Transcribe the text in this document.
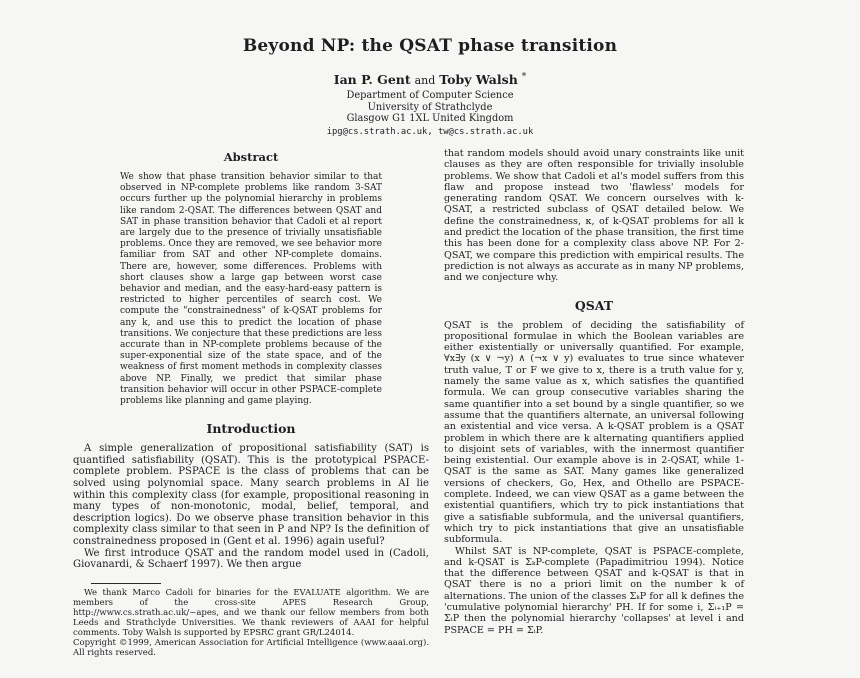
Beyond NP: the QSAT phase transition
Ian P. Gent and Toby Walsh *
Department of Computer Science
University of Strathclyde
Glasgow G1 1XL United Kingdom
ipg@cs.strath.ac.uk, tw@cs.strath.ac.uk
Abstract

We show that phase transition behavior similar to that observed in NP-complete problems like random 3-SAT occurs further up the polynomial hierarchy in problems like random 2-QSAT. The differences between QSAT and SAT in phase transition behavior that Cadoli et al report are largely due to the presence of trivially unsatisfiable problems. Once they are removed, we see behavior more familiar from SAT and other NP-complete domains. There are, however, some differences. Problems with short clauses show a large gap between worst case behavior and median, and the easy-hard-easy pattern is restricted to higher percentiles of search cost. We compute the "constrainedness" of k-QSAT problems for any k, and use this to predict the location of phase transitions. We conjecture that these predictions are less accurate than in NP-complete problems because of the super-exponential size of the state space, and of the weakness of first moment methods in complexity classes above NP. Finally, we predict that similar phase transition behavior will occur in other PSPACE-complete problems like planning and game playing.

Introduction

A simple generalization of propositional satisfiability (SAT) is quantified satisfiability (QSAT). This is the prototypical PSPACE-complete problem. PSPACE is the class of problems that can be solved using polynomial space. Many search problems in AI lie within this complexity class (for example, propositional reasoning in many types of non-monotonic, modal, belief, temporal, and description logics). Do we observe phase transition behavior in this complexity class similar to that seen in P and NP? Is the definition of constrainedness proposed in (Gent et al. 1996) again useful?

We first introduce QSAT and the random model used in (Cadoli, Giovanardi, & Schaerf 1997). We then argue

We thank Marco Cadoli for binaries for the EVALUATE algorithm. We are members of the cross-site APES Research Group, http://www.cs.strath.ac.uk/~apes, and we thank our fellow members from both Leeds and Strathclyde Universities. We thank reviewers of AAAI for helpful comments. Toby Walsh is supported by EPSRC grant GR/L24014.

Copyright ©1999, American Association for Artificial Intelligence (www.aaai.org). All rights reserved.

that random models should avoid unary constraints like unit clauses as they are often responsible for trivially insoluble problems. We show that Cadoli et al's model suffers from this flaw and propose instead two 'flawless' models for generating random QSAT. We concern ourselves with k-QSAT, a restricted subclass of QSAT detailed below. We define the constrainedness, κ, of k-QSAT problems for all k and predict the location of the phase transition, the first time this has been done for a complexity class above NP. For 2-QSAT, we compare this prediction with empirical results. The prediction is not always as accurate as in many NP problems, and we conjecture why.

QSAT

QSAT is the problem of deciding the satisfiability of propositional formulae in which the Boolean variables are either existentially or universally quantified. For example, ∀x∃y (x ∨ ¬y) ∧ (¬x ∨ y) evaluates to true since whatever truth value, T or F we give to x, there is a truth value for y, namely the same value as x, which satisfies the quantified formula. We can group consecutive variables sharing the same quantifier into a set bound by a single quantifier, so we assume that the quantifiers alternate, an universal following an existential and vice versa. A k-QSAT problem is a QSAT problem in which there are k alternating quantifiers applied to disjoint sets of variables, with the innermost quantifier being existential. Our example above is in 2-QSAT, while 1-QSAT is the same as SAT. Many games like generalized versions of checkers, Go, Hex, and Othello are PSPACE-complete. Indeed, we can view QSAT as a game between the existential quantifiers, which try to pick instantiations that give a satisfiable subformula, and the universal quantifiers, which try to pick instantiations that give an unsatisfiable subformula.

Whilst SAT is NP-complete, QSAT is PSPACE-complete, and k-QSAT is ΣₖP-complete (Papadimitriou 1994). Notice that the difference between QSAT and k-QSAT is that in QSAT there is no a priori limit on the number k of alternations. The union of the classes ΣₖP for all k defines the 'cumulative polynomial hierarchy' PH. If for some i, Σᵢ₊₁P = ΣᵢP then the polynomial hierarchy 'collapses' at level i and PSPACE = PH = ΣᵢP.
